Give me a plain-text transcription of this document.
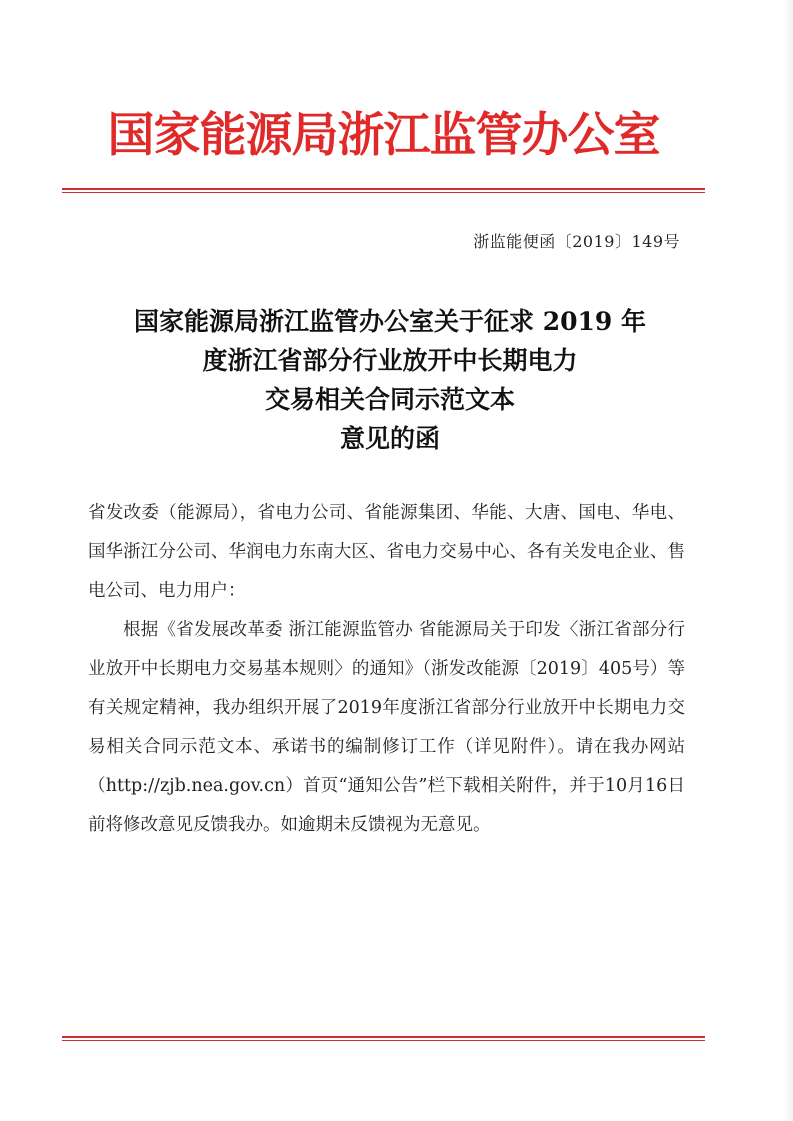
国家能源局浙江监管办公室
浙监能便函〔2019〕149号
国家能源局浙江监管办公室关于征求 2019 年
度浙江省部分行业放开中长期电力
交易相关合同示范文本
意见的函

省发改委（能源局），省电力公司、省能源集团、华能、大唐、国电、华电、国华浙江分公司、华润电力东南大区、省电力交易中心、各有关发电企业、售电公司、电力用户：

根据《省发展改革委 浙江能源监管办 省能源局关于印发〈浙江省部分行业放开中长期电力交易基本规则〉的通知》（浙发改能源〔2019〕405号）等有关规定精神，我办组织开展了2019年度浙江省部分行业放开中长期电力交易相关合同示范文本、承诺书的编制修订工作（详见附件）。请在我办网站（http://zjb.nea.gov.cn）首页“通知公告”栏下载相关附件，并于10月16日前将修改意见反馈我办。如逾期未反馈视为无意见。
